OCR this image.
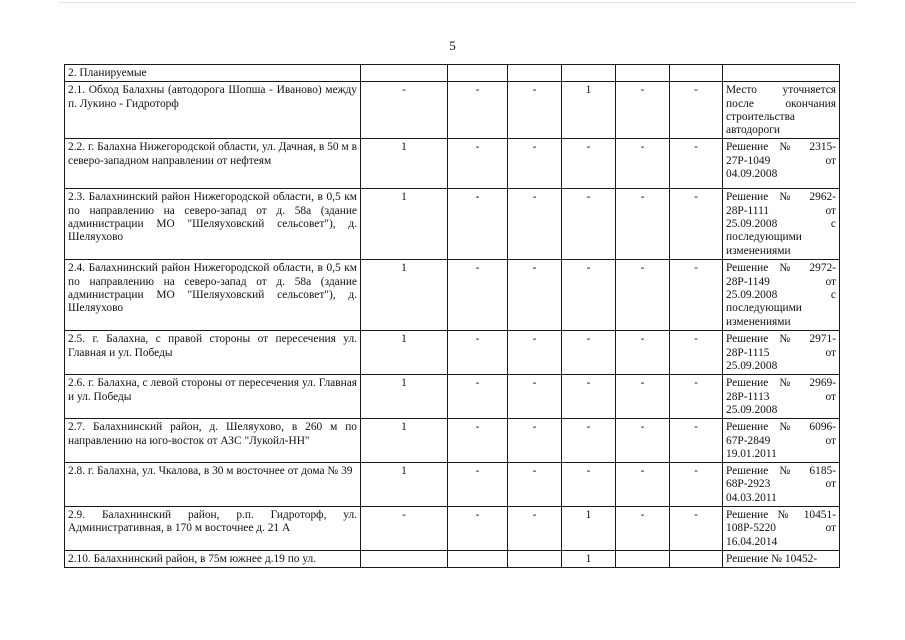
5
2. Планируемые							
2.1. Обход Балахны (автодорога Шопша - Иваново) между п. Лукино - Гидроторф	-	-	-	1	-	-	Место уточняется после окончания строительства автодороги
2.2. г. Балахна Нижегородской области, ул. Дачная, в 50 м в северо-западном направлении от нефтеям	1	-	-	-	-	-	Решение № 2315-27Р-1049 от 04.09.2008
2.3. Балахнинский район Нижегородской области, в 0,5 км по направлению на северо-запад от д. 58а (здание администрации МО "Шеляуховский сельсовет"), д. Шеляухово	1	-	-	-	-	-	Решение № 2962-28Р-1111 от 25.09.2008 с последующими изменениями
2.4. Балахнинский район Нижегородской области, в 0,5 км по направлению на северо-запад от д. 58а (здание администрации МО "Шеляуховский сельсовет"), д. Шеляухово	1	-	-	-	-	-	Решение № 2972-28Р-1149 от 25.09.2008 с последующими изменениями
2.5. г. Балахна, с правой стороны от пересечения ул. Главная и ул. Победы	1	-	-	-	-	-	Решение № 2971-28Р-1115 от 25.09.2008
2.6. г. Балахна, с левой стороны от пересечения ул. Главная и ул. Победы	1	-	-	-	-	-	Решение № 2969-28Р-1113 от 25.09.2008
2.7. Балахнинский район, д. Шеляухово, в 260 м по направлению на юго-восток от АЗС "Лукойл-НН"	1	-	-	-	-	-	Решение № 6096-67Р-2849 от 19.01.2011
2.8. г. Балахна, ул. Чкалова, в 30 м восточнее от дома № 39	1	-	-	-	-	-	Решение № 6185-68Р-2923 от 04.03.2011
2.9. Балахнинский район, р.п. Гидроторф, ул. Административная, в 170 м восточнее д. 21 А	-	-	-	1	-	-	Решение № 10451-108Р-5220 от 16.04.2014
2.10. Балахнинский район, в 75м южнее д.19 по ул.				1			Решение № 10452-
